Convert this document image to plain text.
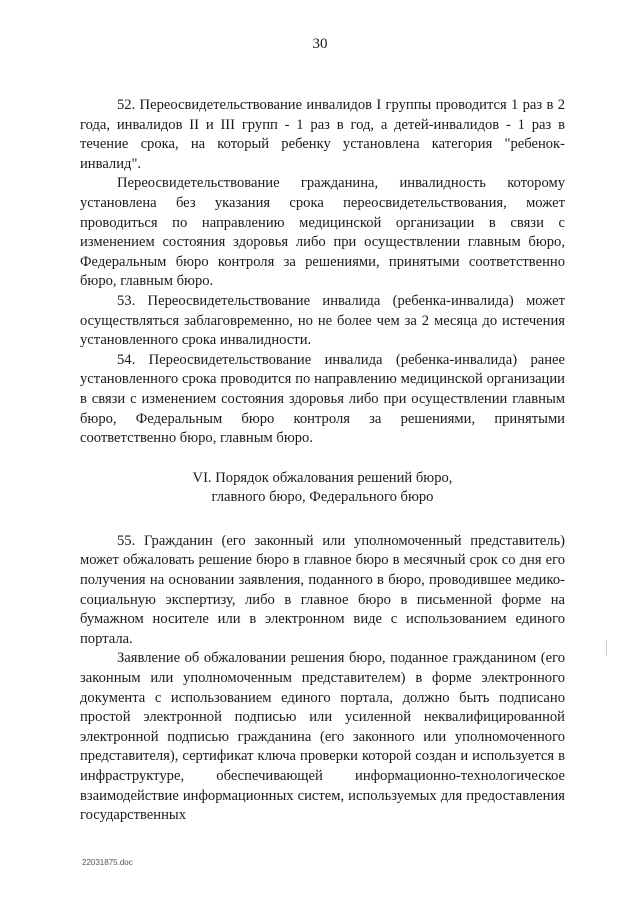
30

52. Переосвидетельствование инвалидов I группы проводится 1 раз в 2 года, инвалидов II и III групп - 1 раз в год, а детей-инвалидов - 1 раз в течение срока, на который ребенку установлена категория "ребенок-инвалид".

Переосвидетельствование гражданина, инвалидность которому установлена без указания срока переосвидетельствования, может проводиться по направлению медицинской организации в связи с изменением состояния здоровья либо при осуществлении главным бюро, Федеральным бюро контроля за решениями, принятыми соответственно бюро, главным бюро.

53. Переосвидетельствование инвалида (ребенка-инвалида) может осуществляться заблаговременно, но не более чем за 2 месяца до истечения установленного срока инвалидности.

54. Переосвидетельствование инвалида (ребенка-инвалида) ранее установленного срока проводится по направлению медицинской организации в связи с изменением состояния здоровья либо при осуществлении главным бюро, Федеральным бюро контроля за решениями, принятыми соответственно бюро, главным бюро.

VI. Порядок обжалования решений бюро,
главного бюро, Федерального бюро

55. Гражданин (его законный или уполномоченный представитель) может обжаловать решение бюро в главное бюро в месячный срок со дня его получения на основании заявления, поданного в бюро, проводившее медико-социальную экспертизу, либо в главное бюро в письменной форме на бумажном носителе или в электронном виде с использованием единого портала.

Заявление об обжаловании решения бюро, поданное гражданином (его законным или уполномоченным представителем) в форме электронного документа с использованием единого портала, должно быть подписано простой электронной подписью или усиленной неквалифицированной электронной подписью гражданина (его законного или уполномоченного представителя), сертификат ключа проверки которой создан и используется в инфраструктуре, обеспечивающей информационно-технологическое взаимодействие информационных систем, используемых для предоставления государственных

22031875.doc
